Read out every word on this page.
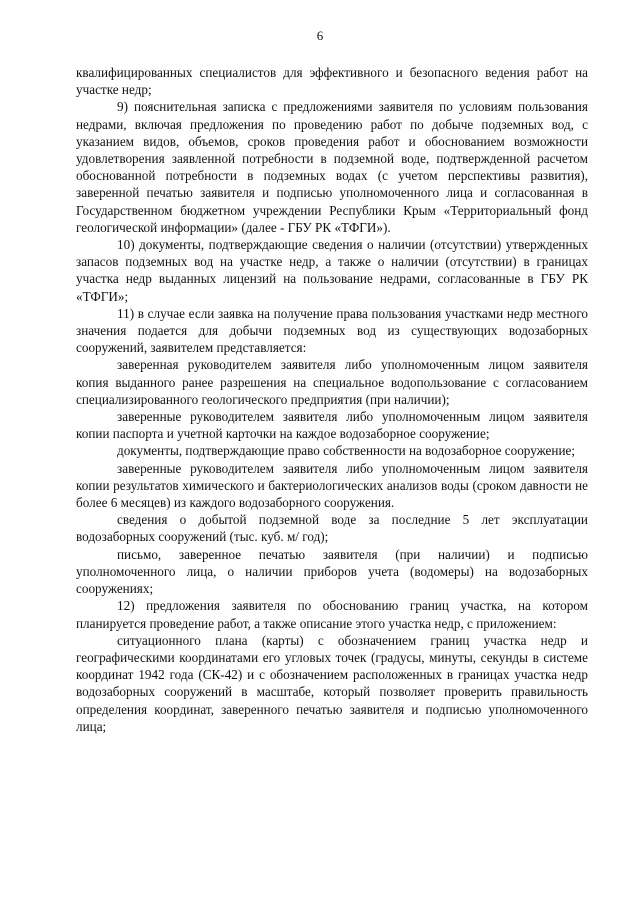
6

квалифицированных специалистов для эффективного и безопасного ведения работ на участке недр;

9) пояснительная записка с предложениями заявителя по условиям пользования недрами, включая предложения по проведению работ по добыче подземных вод, с указанием видов, объемов, сроков проведения работ и обоснованием возможности удовлетворения заявленной потребности в подземной воде, подтвержденной расчетом обоснованной потребности в подземных водах (с учетом перспективы развития), заверенной печатью заявителя и подписью уполномоченного лица и согласованная в Государственном бюджетном учреждении Республики Крым «Территориальный фонд геологической информации» (далее - ГБУ РК «ТФГИ»).

10) документы, подтверждающие сведения о наличии (отсутствии) утвержденных запасов подземных вод на участке недр, а также о наличии (отсутствии) в границах участка недр выданных лицензий на пользование недрами, согласованные в ГБУ РК «ТФГИ»;

11) в случае если заявка на получение права пользования участками недр местного значения подается для добычи подземных вод из существующих водозаборных сооружений, заявителем представляется:

заверенная руководителем заявителя либо уполномоченным лицом заявителя копия выданного ранее разрешения на специальное водопользование с согласованием специализированного геологического предприятия (при наличии);

заверенные руководителем заявителя либо уполномоченным лицом заявителя копии паспорта и учетной карточки на каждое водозаборное сооружение;

документы, подтверждающие право собственности на водозаборное сооружение;

заверенные руководителем заявителя либо уполномоченным лицом заявителя копии результатов химического и бактериологических анализов воды (сроком давности не более 6 месяцев) из каждого водозаборного сооружения.

сведения о добытой подземной воде за последние 5 лет эксплуатации водозаборных сооружений (тыс. куб. м/ год);

письмо, заверенное печатью заявителя (при наличии) и подписью уполномоченного лица, о наличии приборов учета (водомеры) на водозаборных сооружениях;

12) предложения заявителя по обоснованию границ участка, на котором планируется проведение работ, а также описание этого участка недр, с приложением:

ситуационного плана (карты) с обозначением границ участка недр и географическими координатами его угловых точек (градусы, минуты, секунды в системе координат 1942 года (СК-42) и с обозначением расположенных в границах участка недр водозаборных сооружений в масштабе, который позволяет проверить правильность определения координат, заверенного печатью заявителя и подписью уполномоченного лица;
